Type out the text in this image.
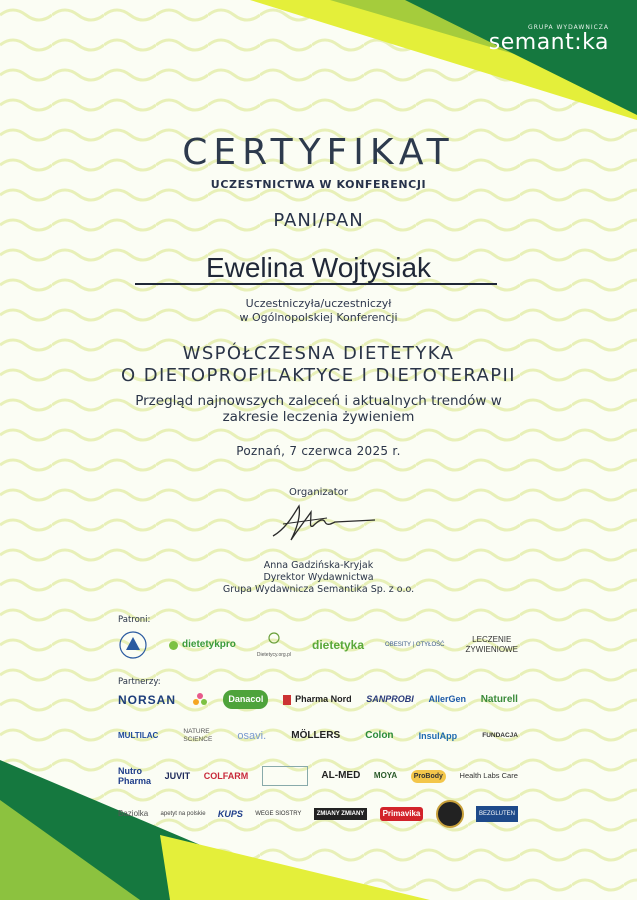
GRUPA WYDAWNICZA
semant:ka
CERTYFIKAT
UCZESTNICTWA W KONFERENCJI
PANI/PAN
Ewelina Wojtysiak
Uczestniczyła/uczestniczył
w Ogólnopolskiej Konferencji
WSPÓŁCZESNA DIETETYKA
O DIETOPROFILAKTYCE I DIETOTERAPII
Przegląd najnowszych zaleceń i aktualnych trendów w
zakresie leczenia żywieniem
Poznań, 7 czerwca 2025 r.
Organizator
Anna Gadzińska-Kryjak
Dyrektor Wydawnictwa
Grupa Wydawnicza Semantika Sp. z o.o.
Patroni:
dietetykpro
Dietetycy.org.pl
dietetyka	OBESITY | OTYŁOŚĆ
LECZENIE
ŻYWIENIOWE
Partnerzy:
NORSAN	Danacol	Pharma Nord SANPROBI AllerGen Naturell
MULTILAC	NATURE
SCIENCE osavi.	MÖLLERS	Colon	InsulApp	FUNDACJA
Nutro
Pharma
JUVIT COLFARM	AL-MED MOYA	ProBody	Health Labs Care
Baziolka apetyt na polskie KUPS WEGE SIOSTRY	ZMIANY ZMIANY	Primavika	BEZGLUTEN
